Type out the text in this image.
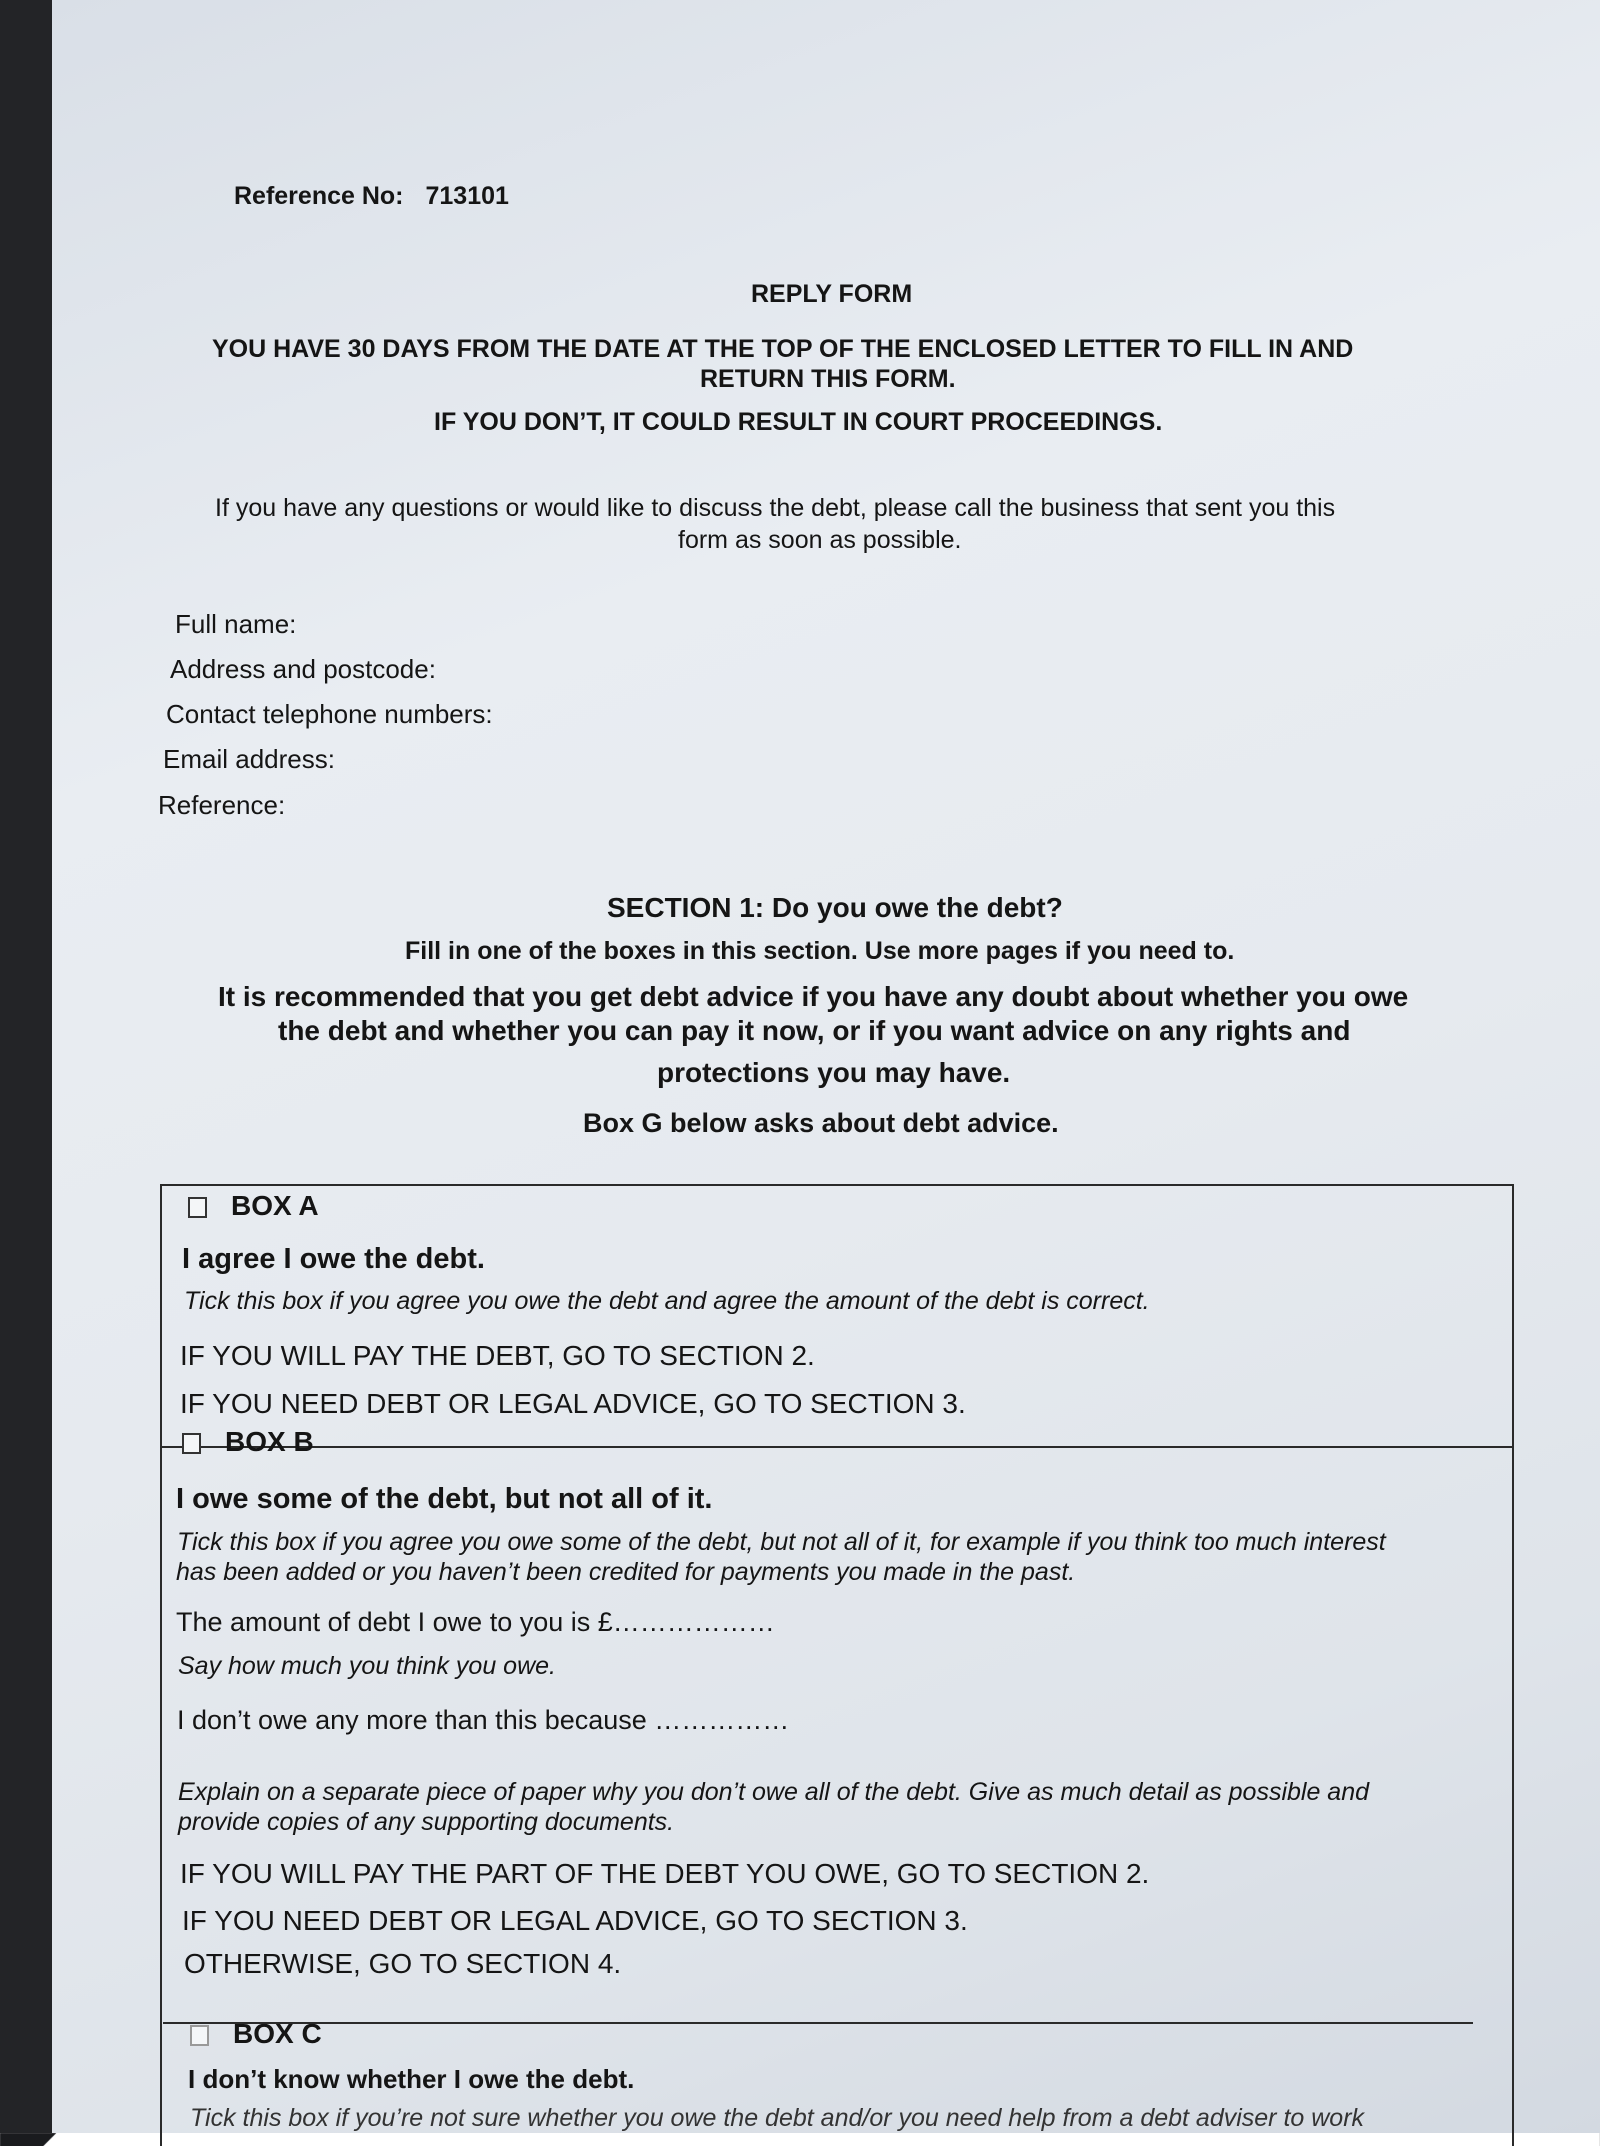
Reference No: 713101
REPLY FORM
YOU HAVE 30 DAYS FROM THE DATE AT THE TOP OF THE ENCLOSED LETTER TO FILL IN AND
RETURN THIS FORM.
IF YOU DON’T, IT COULD RESULT IN COURT PROCEEDINGS.
If you have any questions or would like to discuss the debt, please call the business that sent you this
form as soon as possible.
Full name:
Address and postcode:
Contact telephone numbers:
Email address:
Reference:
SECTION 1: Do you owe the debt?
Fill in one of the boxes in this section. Use more pages if you need to.
It is recommended that you get debt advice if you have any doubt about whether you owe
the debt and whether you can pay it now, or if you want advice on any rights and
protections you may have.
Box G below asks about debt advice.
BOX A
I agree I owe the debt.
Tick this box if you agree you owe the debt and agree the amount of the debt is correct.
IF YOU WILL PAY THE DEBT, GO TO SECTION 2.
IF YOU NEED DEBT OR LEGAL ADVICE, GO TO SECTION 3.
BOX B
I owe some of the debt, but not all of it.
Tick this box if you agree you owe some of the debt, but not all of it, for example if you think too much interest
has been added or you haven’t been credited for payments you made in the past.
The amount of debt I owe to you is £………………
Say how much you think you owe.
I don’t owe any more than this because ……………
Explain on a separate piece of paper why you don’t owe all of the debt. Give as much detail as possible and
provide copies of any supporting documents.
IF YOU WILL PAY THE PART OF THE DEBT YOU OWE, GO TO SECTION 2.
IF YOU NEED DEBT OR LEGAL ADVICE, GO TO SECTION 3.
OTHERWISE, GO TO SECTION 4.
BOX C
I don’t know whether I owe the debt.
Tick this box if you’re not sure whether you owe the debt and/or you need help from a debt adviser to work
